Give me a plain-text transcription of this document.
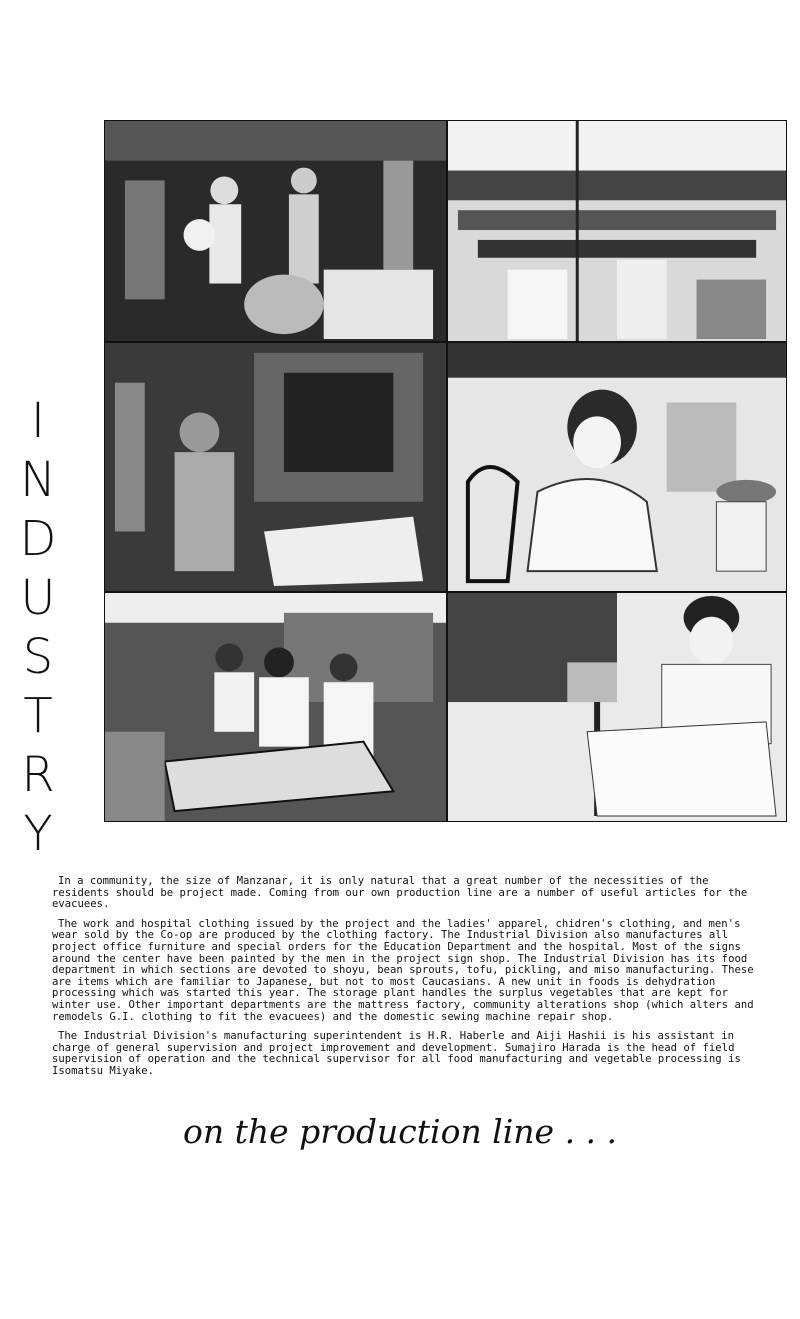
I
N
D
U
S
T
R
Y

In a community, the size of Manzanar, it is only natural that a great number of the necessities of the residents should be project made. Coming from our own production line are a number of useful articles for the evacuees.

The work and hospital clothing issued by the project and the ladies' apparel, chidren's clothing, and men's wear sold by the Co-op are produced by the clothing factory. The Industrial Division also manufactures all project office furniture and special orders for the Education Department and the hospital. Most of the signs around the center have been painted by the men in the project sign shop. The Industrial Division has its food department in which sections are devoted to shoyu, bean sprouts, tofu, pickling, and miso manufacturing. These are items which are familiar to Japanese, but not to most Caucasians. A new unit in foods is dehydration processing which was started this year. The storage plant handles the surplus vegetables that are kept for winter use. Other important departments are the mattress factory, community alterations shop (which alters and remodels G.I. clothing to fit the evacuees) and the domestic sewing machine repair shop.

The Industrial Division's manufacturing superintendent is H.R. Haberle and Aiji Hashii is his assistant in charge of general supervision and project improvement and development. Sumajiro Harada is the head of field supervision of operation and the technical supervisor for all food manufacturing and vegetable processing is Isomatsu Miyake.

on the production line . . .
